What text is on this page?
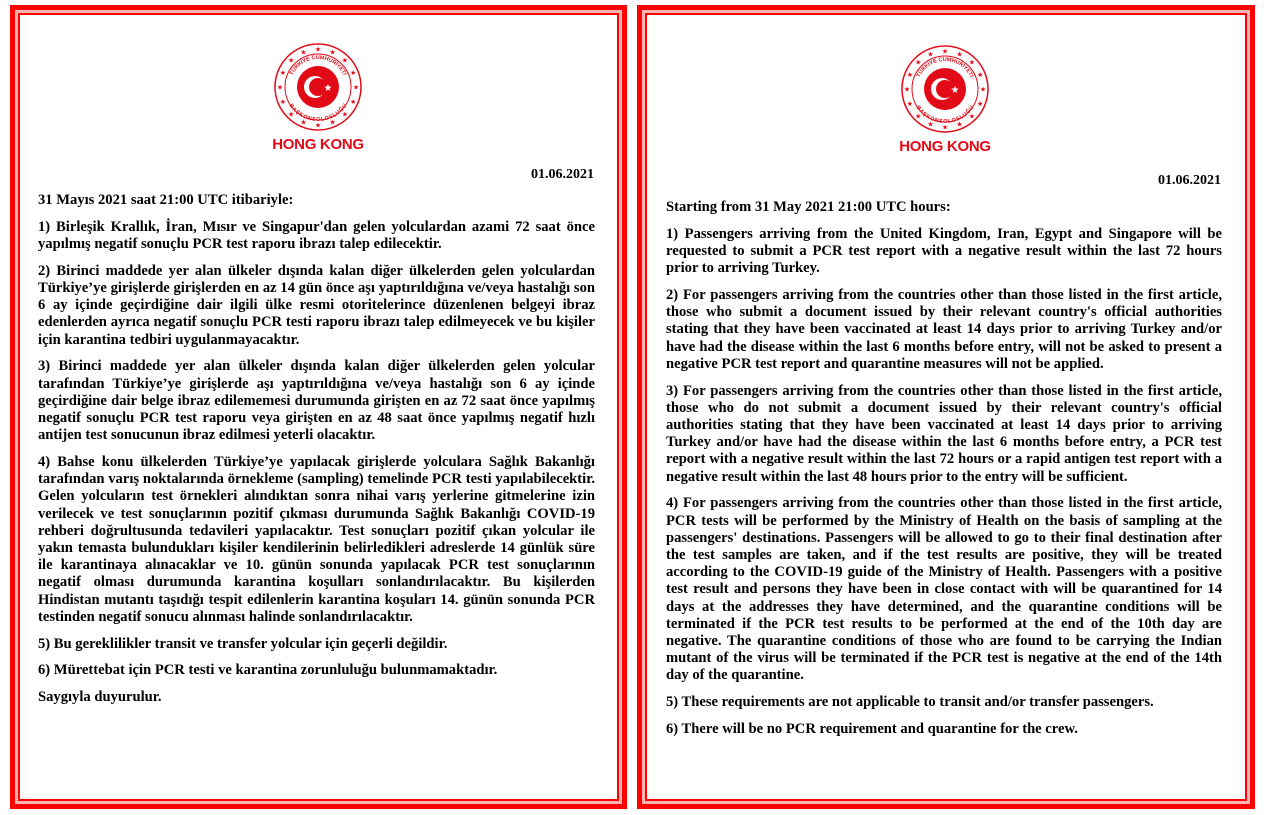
★
★
★
★
★
★
★
★
★
★
★
★ ★ ★
★
★
TÜRKİYE CUMHURİYETİ
BAŞKONSOLOSLUĞU
★
HONG KONG
★
★
★
★
★
★
★
★
★
★
★
★ ★ ★
★
★
TÜRKİYE CUMHURİYETİ
BAŞKONSOLOSLUĞU
★
HONG KONG
01.06.2021	01.06.2021

31 Mayıs 2021 saat 21:00 UTC itibariyle:

1) Birleşik Krallık, İran, Mısır ve Singapur'dan gelen yolculardan azami 72 saat önce yapılmış negatif sonuçlu PCR test raporu ibrazı talep edilecektir.

2) Birinci maddede yer alan ülkeler dışında kalan diğer ülkelerden gelen yolculardan Türkiye’ye girişlerde girişlerden en az 14 gün önce aşı yaptırıldığına ve/veya hastalığı son 6 ay içinde geçirdiğine dair ilgili ülke resmi otoritelerince düzenlenen belgeyi ibraz edenlerden ayrıca negatif sonuçlu PCR testi raporu ibrazı talep edilmeyecek ve bu kişiler için karantina tedbiri uygulanmayacaktır.

3) Birinci maddede yer alan ülkeler dışında kalan diğer ülkelerden gelen yolcular tarafından Türkiye’ye girişlerde aşı yaptırıldığına ve/veya hastalığı son 6 ay içinde geçirdiğine dair belge ibraz edilememesi durumunda girişten en az 72 saat önce yapılmış negatif sonuçlu PCR test raporu veya girişten en az 48 saat önce yapılmış negatif hızlı antijen test sonucunun ibraz edilmesi yeterli olacaktır.

4) Bahse konu ülkelerden Türkiye’ye yapılacak girişlerde yolculara Sağlık Bakanlığı tarafından varış noktalarında örnekleme (sampling) temelinde PCR testi yapılabilecektir. Gelen yolcuların test örnekleri alındıktan sonra nihai varış yerlerine gitmelerine izin verilecek ve test sonuçlarının pozitif çıkması durumunda Sağlık Bakanlığı COVID-19 rehberi doğrultusunda tedavileri yapılacaktır. Test sonuçları pozitif çıkan yolcular ile yakın temasta bulundukları kişiler kendilerinin belirledikleri adreslerde 14 günlük süre ile karantinaya alınacaklar ve 10. günün sonunda yapılacak PCR test sonuçlarının negatif olması durumunda karantina koşulları sonlandırılacaktır. Bu kişilerden Hindistan mutantı taşıdığı tespit edilenlerin karantina koşuları 14. günün sonunda PCR testinden negatif sonucu alınması halinde sonlandırılacaktır.

5) Bu gereklilikler transit ve transfer yolcular için geçerli değildir.

6) Mürettebat için PCR testi ve karantina zorunluluğu bulunmamaktadır.

Saygıyla duyurulur.

Starting from 31 May 2021 21:00 UTC hours:

1) Passengers arriving from the United Kingdom, Iran, Egypt and Singapore will be requested to submit a PCR test report with a negative result within the last 72 hours prior to arriving Turkey.

2) For passengers arriving from the countries other than those listed in the first article, those who submit a document issued by their relevant country's official authorities stating that they have been vaccinated at least 14 days prior to arriving Turkey and/or have had the disease within the last 6 months before entry, will not be asked to present a negative PCR test report and quarantine measures will not be applied.

3) For passengers arriving from the countries other than those listed in the first article, those who do not submit a document issued by their relevant country's official authorities stating that they have been vaccinated at least 14 days prior to arriving Turkey and/or have had the disease within the last 6 months before entry, a PCR test report with a negative result within the last 72 hours or a rapid antigen test report with a negative result within the last 48 hours prior to the entry will be sufficient.

4) For passengers arriving from the countries other than those listed in the first article, PCR tests will be performed by the Ministry of Health on the basis of sampling at the passengers' destinations. Passengers will be allowed to go to their final destination after the test samples are taken, and if the test results are positive, they will be treated according to the COVID-19 guide of the Ministry of Health. Passengers with a positive test result and persons they have been in close contact with will be quarantined for 14 days at the addresses they have determined, and the quarantine conditions will be terminated if the PCR test results to be performed at the end of the 10th day are negative. The quarantine conditions of those who are found to be carrying the Indian mutant of the virus will be terminated if the PCR test is negative at the end of the 14th day of the quarantine.

5) These requirements are not applicable to transit and/or transfer passengers.

6) There will be no PCR requirement and quarantine for the crew.
